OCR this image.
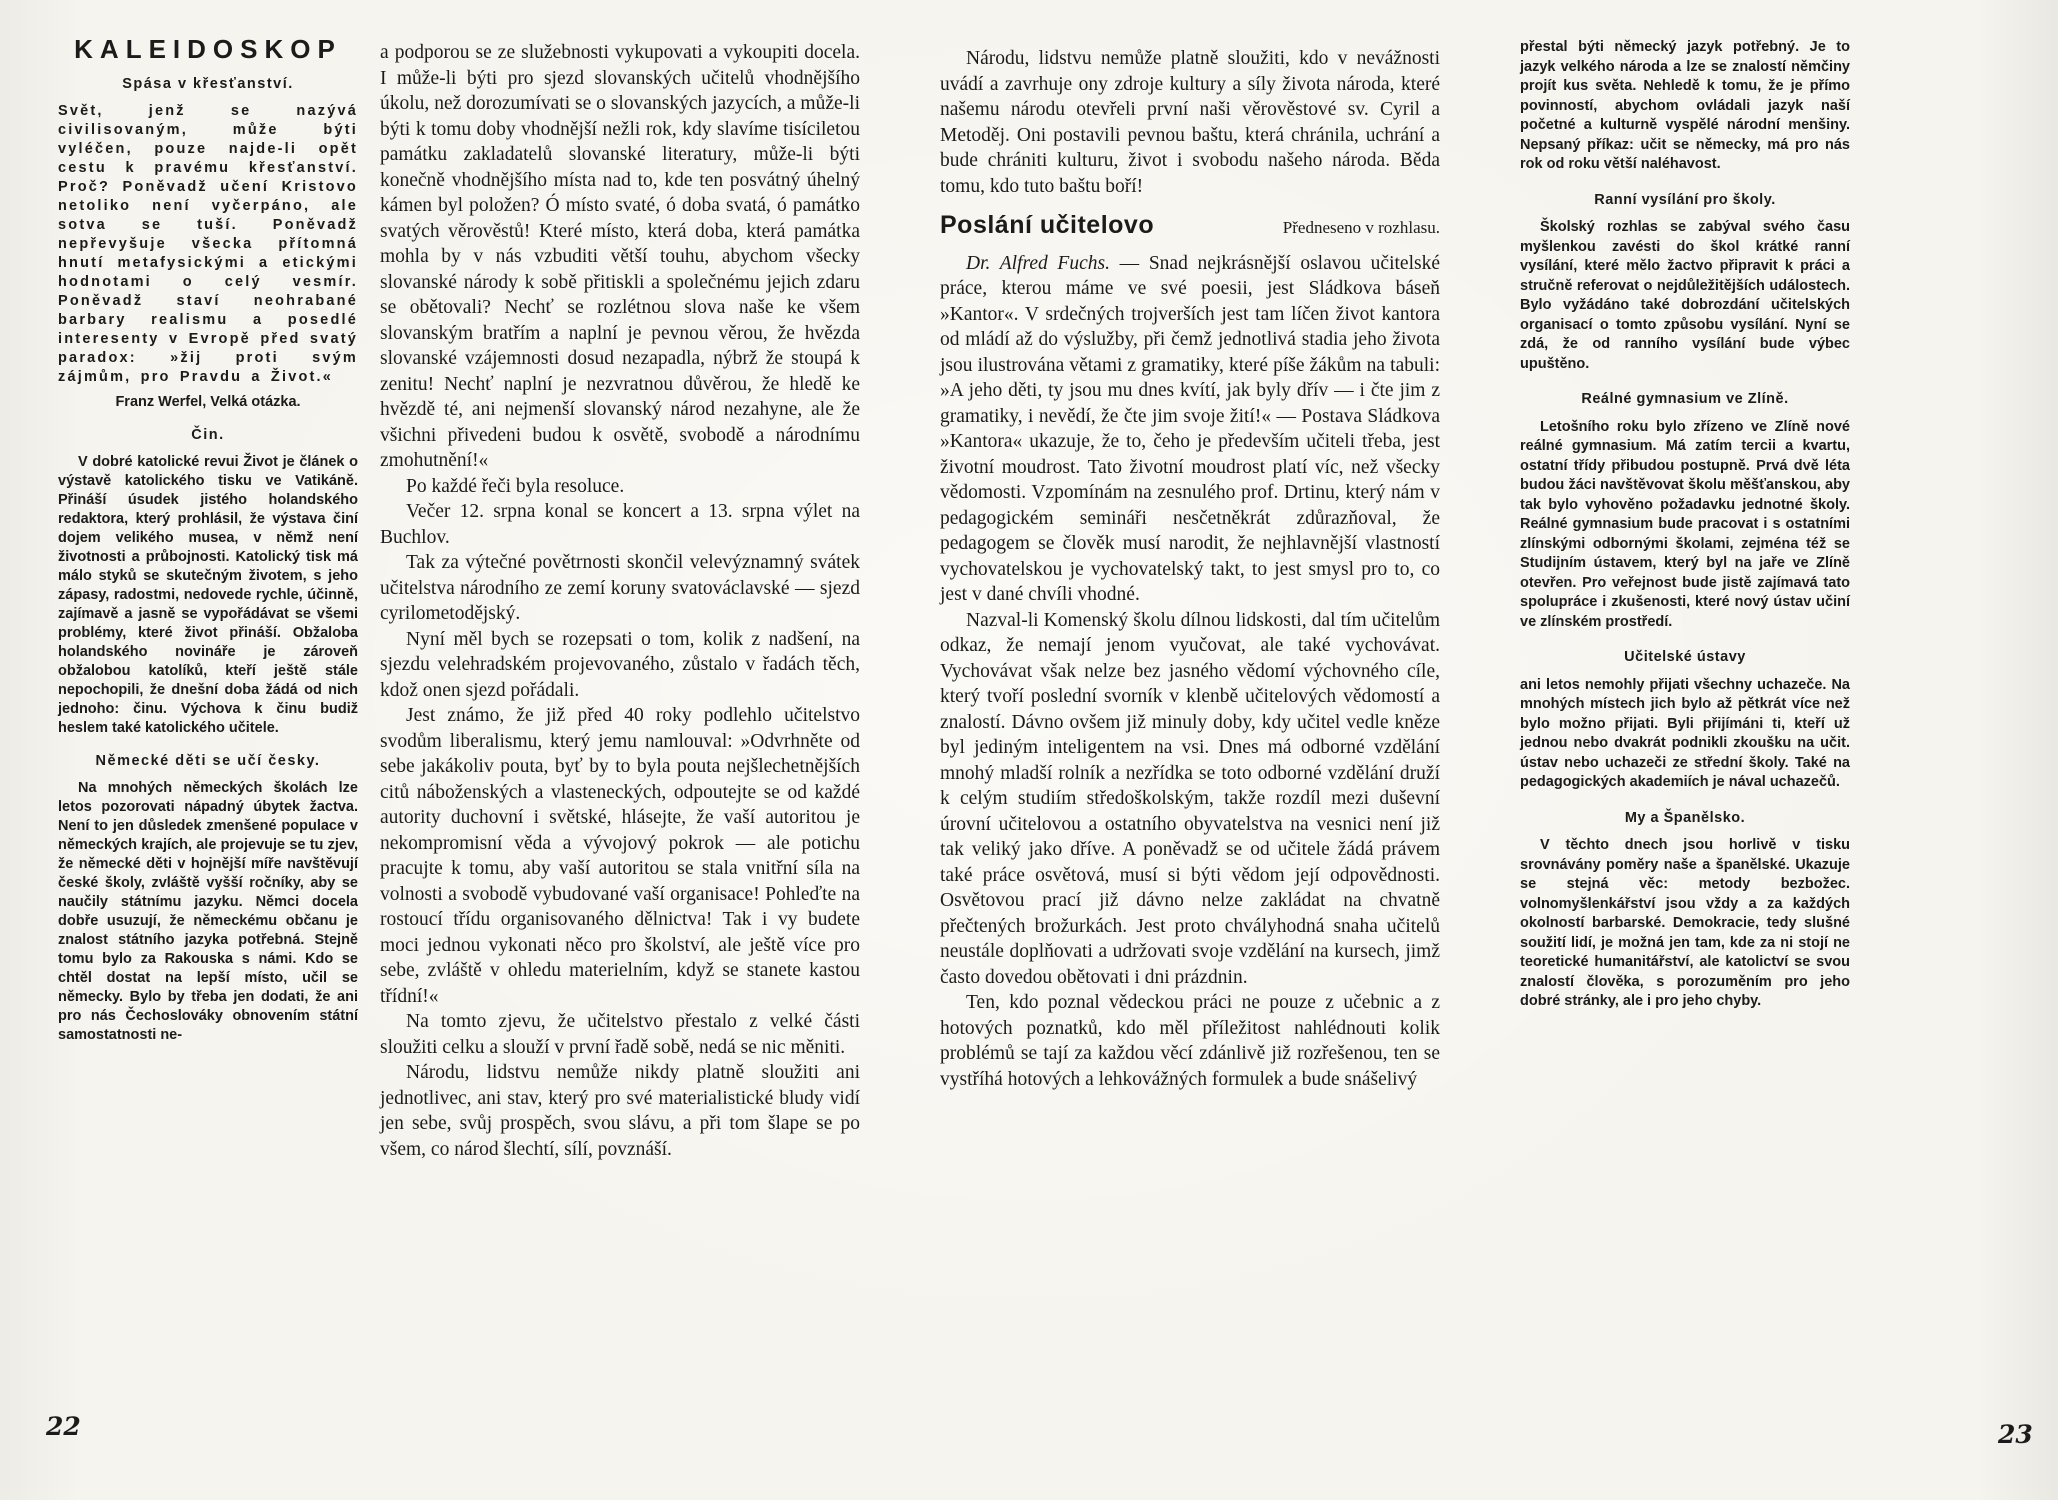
KALEIDOSKOP
Spása v křesťanství.

Svět, jenž se nazývá civilisovaným, může býti vyléčen, pouze najde-li opět cestu k pravému křesťanství. Proč? Poněvadž učení Kristovo netoliko není vyčerpáno, ale sotva se tuší. Poněvadž nepřevyšuje všecka přítomná hnutí metafysickými a etickými hodnotami o celý vesmír. Poněvadž staví neohrabané barbary realismu a posedlé interesenty v Evropě před svatý paradox: »žij proti svým zájmům, pro Pravdu a Život.«

Franz Werfel, Velká otázka.
Čin.

V dobré katolické revui Život je článek o výstavě katolického tisku ve Vatikáně. Přináší úsudek jistého holandského redaktora, který prohlásil, že výstava činí dojem velikého musea, v němž není životnosti a průbojnosti. Katolický tisk má málo styků se skutečným životem, s jeho zápasy, radostmi, nedovede rychle, účinně, zajímavě a jasně se vypořádávat se všemi problémy, které život přináší. Obžaloba holandského novináře je zároveň obžalobou katolíků, kteří ještě stále nepochopili, že dnešní doba žádá od nich jednoho: činu. Výchova k činu budiž heslem také katolického učitele.

Německé děti se učí česky.

Na mnohých německých školách lze letos pozorovati nápadný úbytek žactva. Není to jen důsledek zmenšené populace v německých krajích, ale projevuje se tu zjev, že německé děti v hojnější míře navštěvují české školy, zvláště vyšší ročníky, aby se naučily státnímu jazyku. Němci docela dobře usuzují, že německému občanu je znalost státního jazyka potřebná. Stejně tomu bylo za Rakouska s námi. Kdo se chtěl dostat na lepší místo, učil se německy. Bylo by třeba jen dodati, že ani pro nás Čechoslováky obnovením státní samostatnosti ne-

a podporou se ze služebnosti vykupovati a vykoupiti docela. I může-li býti pro sjezd slovanských učitelů vhodnějšího úkolu, než dorozumívati se o slovanských jazycích, a může-li býti k tomu doby vhodnější nežli rok, kdy slavíme tisíciletou památku zakladatelů slovanské literatury, může-li býti konečně vhodnějšího místa nad to, kde ten posvátný úhelný kámen byl položen? Ó místo svaté, ó doba svatá, ó památko svatých věrověstů! Které místo, která doba, která památka mohla by v nás vzbuditi větší touhu, abychom všecky slovanské národy k sobě přitiskli a společnému jejich zdaru se obětovali? Nechť se rozlétnou slova naše ke všem slovanským bratřím a naplní je pevnou věrou, že hvězda slovanské vzájemnosti dosud nezapadla, nýbrž že stoupá k zenitu! Nechť naplní je nezvratnou důvěrou, že hledě ke hvězdě té, ani nejmenší slovanský národ nezahyne, ale že všichni přivedeni budou k osvětě, svobodě a národnímu zmohutnění!«

Po každé řeči byla resoluce.

Večer 12. srpna konal se koncert a 13. srpna výlet na Buchlov.

Tak za výtečné povětrnosti skončil velevýznamný svátek učitelstva národního ze zemí koruny svatováclavské — sjezd cyrilometodějský.

Nyní měl bych se rozepsati o tom, kolik z nadšení, na sjezdu velehradském projevovaného, zůstalo v řadách těch, kdož onen sjezd pořádali.

Jest známo, že již před 40 roky podlehlo učitelstvo svodům liberalismu, který jemu namlouval: »Odvrhněte od sebe jakákoliv pouta, byť by to byla pouta nejšlechetnějších citů náboženských a vlasteneckých, odpoutejte se od každé autority duchovní i světské, hlásejte, že vaší autoritou je nekompromisní věda a vývojový pokrok — ale potichu pracujte k tomu, aby vaší autoritou se stala vnitřní síla na volnosti a svobodě vybudované vaší organisace! Pohleďte na rostoucí třídu organisovaného dělnictva! Tak i vy budete moci jednou vykonati něco pro školství, ale ještě více pro sebe, zvláště v ohledu materielním, když se stanete kastou třídní!«

Na tomto zjevu, že učitelstvo přestalo z velké části sloužiti celku a slouží v první řadě sobě, nedá se nic měniti.

Národu, lidstvu nemůže nikdy platně sloužiti ani jednotlivec, ani stav, který pro své materialistické bludy vidí jen sebe, svůj prospěch, svou slávu, a při tom šlape se po všem, co národ šlechtí, sílí, povznáší.

Národu, lidstvu nemůže platně sloužiti, kdo v nevážnosti uvádí a zavrhuje ony zdroje kultury a síly života národa, které našemu národu otevřeli první naši věrověstové sv. Cyril a Metoděj. Oni postavili pevnou baštu, která chránila, uchrání a bude chrániti kulturu, život i svobodu našeho národa. Běda tomu, kdo tuto baštu boří!

Poslání učitelovo	Předneseno v rozhlasu.

Dr. Alfred Fuchs. — Snad nejkrásnější oslavou učitelské práce, kterou máme ve své poesii, jest Sládkova báseň »Kantor«. V srdečných trojverších jest tam líčen život kantora od mládí až do výslužby, při čemž jednotlivá stadia jeho života jsou ilustrována větami z gramatiky, které píše žákům na tabuli: »A jeho děti, ty jsou mu dnes kvítí, jak byly dřív — i čte jim z gramatiky, i nevědí, že čte jim svoje žití!« — Postava Sládkova »Kantora« ukazuje, že to, čeho je především učiteli třeba, jest životní moudrost. Tato životní moudrost platí víc, než všecky vědomosti. Vzpomínám na zesnulého prof. Drtinu, který nám v pedagogickém semináři nesčetněkrát zdůrazňoval, že pedagogem se člověk musí narodit, že nejhlavnější vlastností vychovatelskou je vychovatelský takt, to jest smysl pro to, co jest v dané chvíli vhodné.

Nazval-li Komenský školu dílnou lidskosti, dal tím učitelům odkaz, že nemají jenom vyučovat, ale také vychovávat. Vychovávat však nelze bez jasného vědomí výchovného cíle, který tvoří poslední svorník v klenbě učitelových vědomostí a znalostí. Dávno ovšem již minuly doby, kdy učitel vedle kněze byl jediným inteligentem na vsi. Dnes má odborné vzdělání mnohý mladší rolník a nezřídka se toto odborné vzdělání druží k celým studiím středoškolským, takže rozdíl mezi duševní úrovní učitelovou a ostatního obyvatelstva na vesnici není již tak veliký jako dříve. A poněvadž se od učitele žádá právem také práce osvětová, musí si býti vědom její odpovědnosti. Osvětovou prací již dávno nelze zakládat na chvatně přečtených brožurkách. Jest proto chvályhodná snaha učitelů neustále doplňovati a udržovati svoje vzdělání na kursech, jimž často dovedou obětovati i dni prázdnin.

Ten, kdo poznal vědeckou práci ne pouze z učebnic a z hotových poznatků, kdo měl příležitost nahlédnouti kolik problémů se tají za každou věcí zdánlivě již rozřešenou, ten se vystříhá hotových a lehkovážných formulek a bude snášelivý

přestal býti německý jazyk potřebný. Je to jazyk velkého národa a lze se znalostí němčiny projít kus světa. Nehledě k tomu, že je přímo povinností, abychom ovládali jazyk naší početné a kulturně vyspělé národní menšiny. Nepsaný příkaz: učit se německy, má pro nás rok od roku větší naléhavost.

Ranní vysílání pro školy.

Školský rozhlas se zabýval svého času myšlenkou zavésti do škol krátké ranní vysílání, které mělo žactvo připravit k práci a stručně referovat o nejdůležitějších událostech. Bylo vyžádáno také dobrozdání učitelských organisací o tomto způsobu vysílání. Nyní se zdá, že od ranního vysílání bude výbec upuštěno.

Reálné gymnasium ve Zlíně.

Letošního roku bylo zřízeno ve Zlíně nové reálné gymnasium. Má zatím tercii a kvartu, ostatní třídy přibudou postupně. Prvá dvě léta budou žáci navštěvovat školu měšťanskou, aby tak bylo vyhověno požadavku jednotné školy. Reálné gymnasium bude pracovat i s ostatními zlínskými odbornými školami, zejména též se Studijním ústavem, který byl na jaře ve Zlíně otevřen. Pro veřejnost bude jistě zajímavá tato spolupráce i zkušenosti, které nový ústav učiní ve zlínském prostředí.

Učitelské ústavy

ani letos nemohly přijati všechny uchazeče. Na mnohých místech jich bylo až pětkrát více než bylo možno přijati. Byli přijímáni ti, kteří už jednou nebo dvakrát podnikli zkoušku na učit. ústav nebo uchazeči ze střední školy. Také na pedagogických akademiích je nával uchazečů.

My a Španělsko.

V těchto dnech jsou horlivě v tisku srovnávány poměry naše a španělské. Ukazuje se stejná věc: metody bezbožec. volnomyšlenkářství jsou vždy a za každých okolností barbarské. Demokracie, tedy slušné soužití lidí, je možná jen tam, kde za ni stojí ne teoretické humanitářství, ale katolictví se svou znalostí člověka, s porozuměním pro jeho dobré stránky, ale i pro jeho chyby.

22	23
